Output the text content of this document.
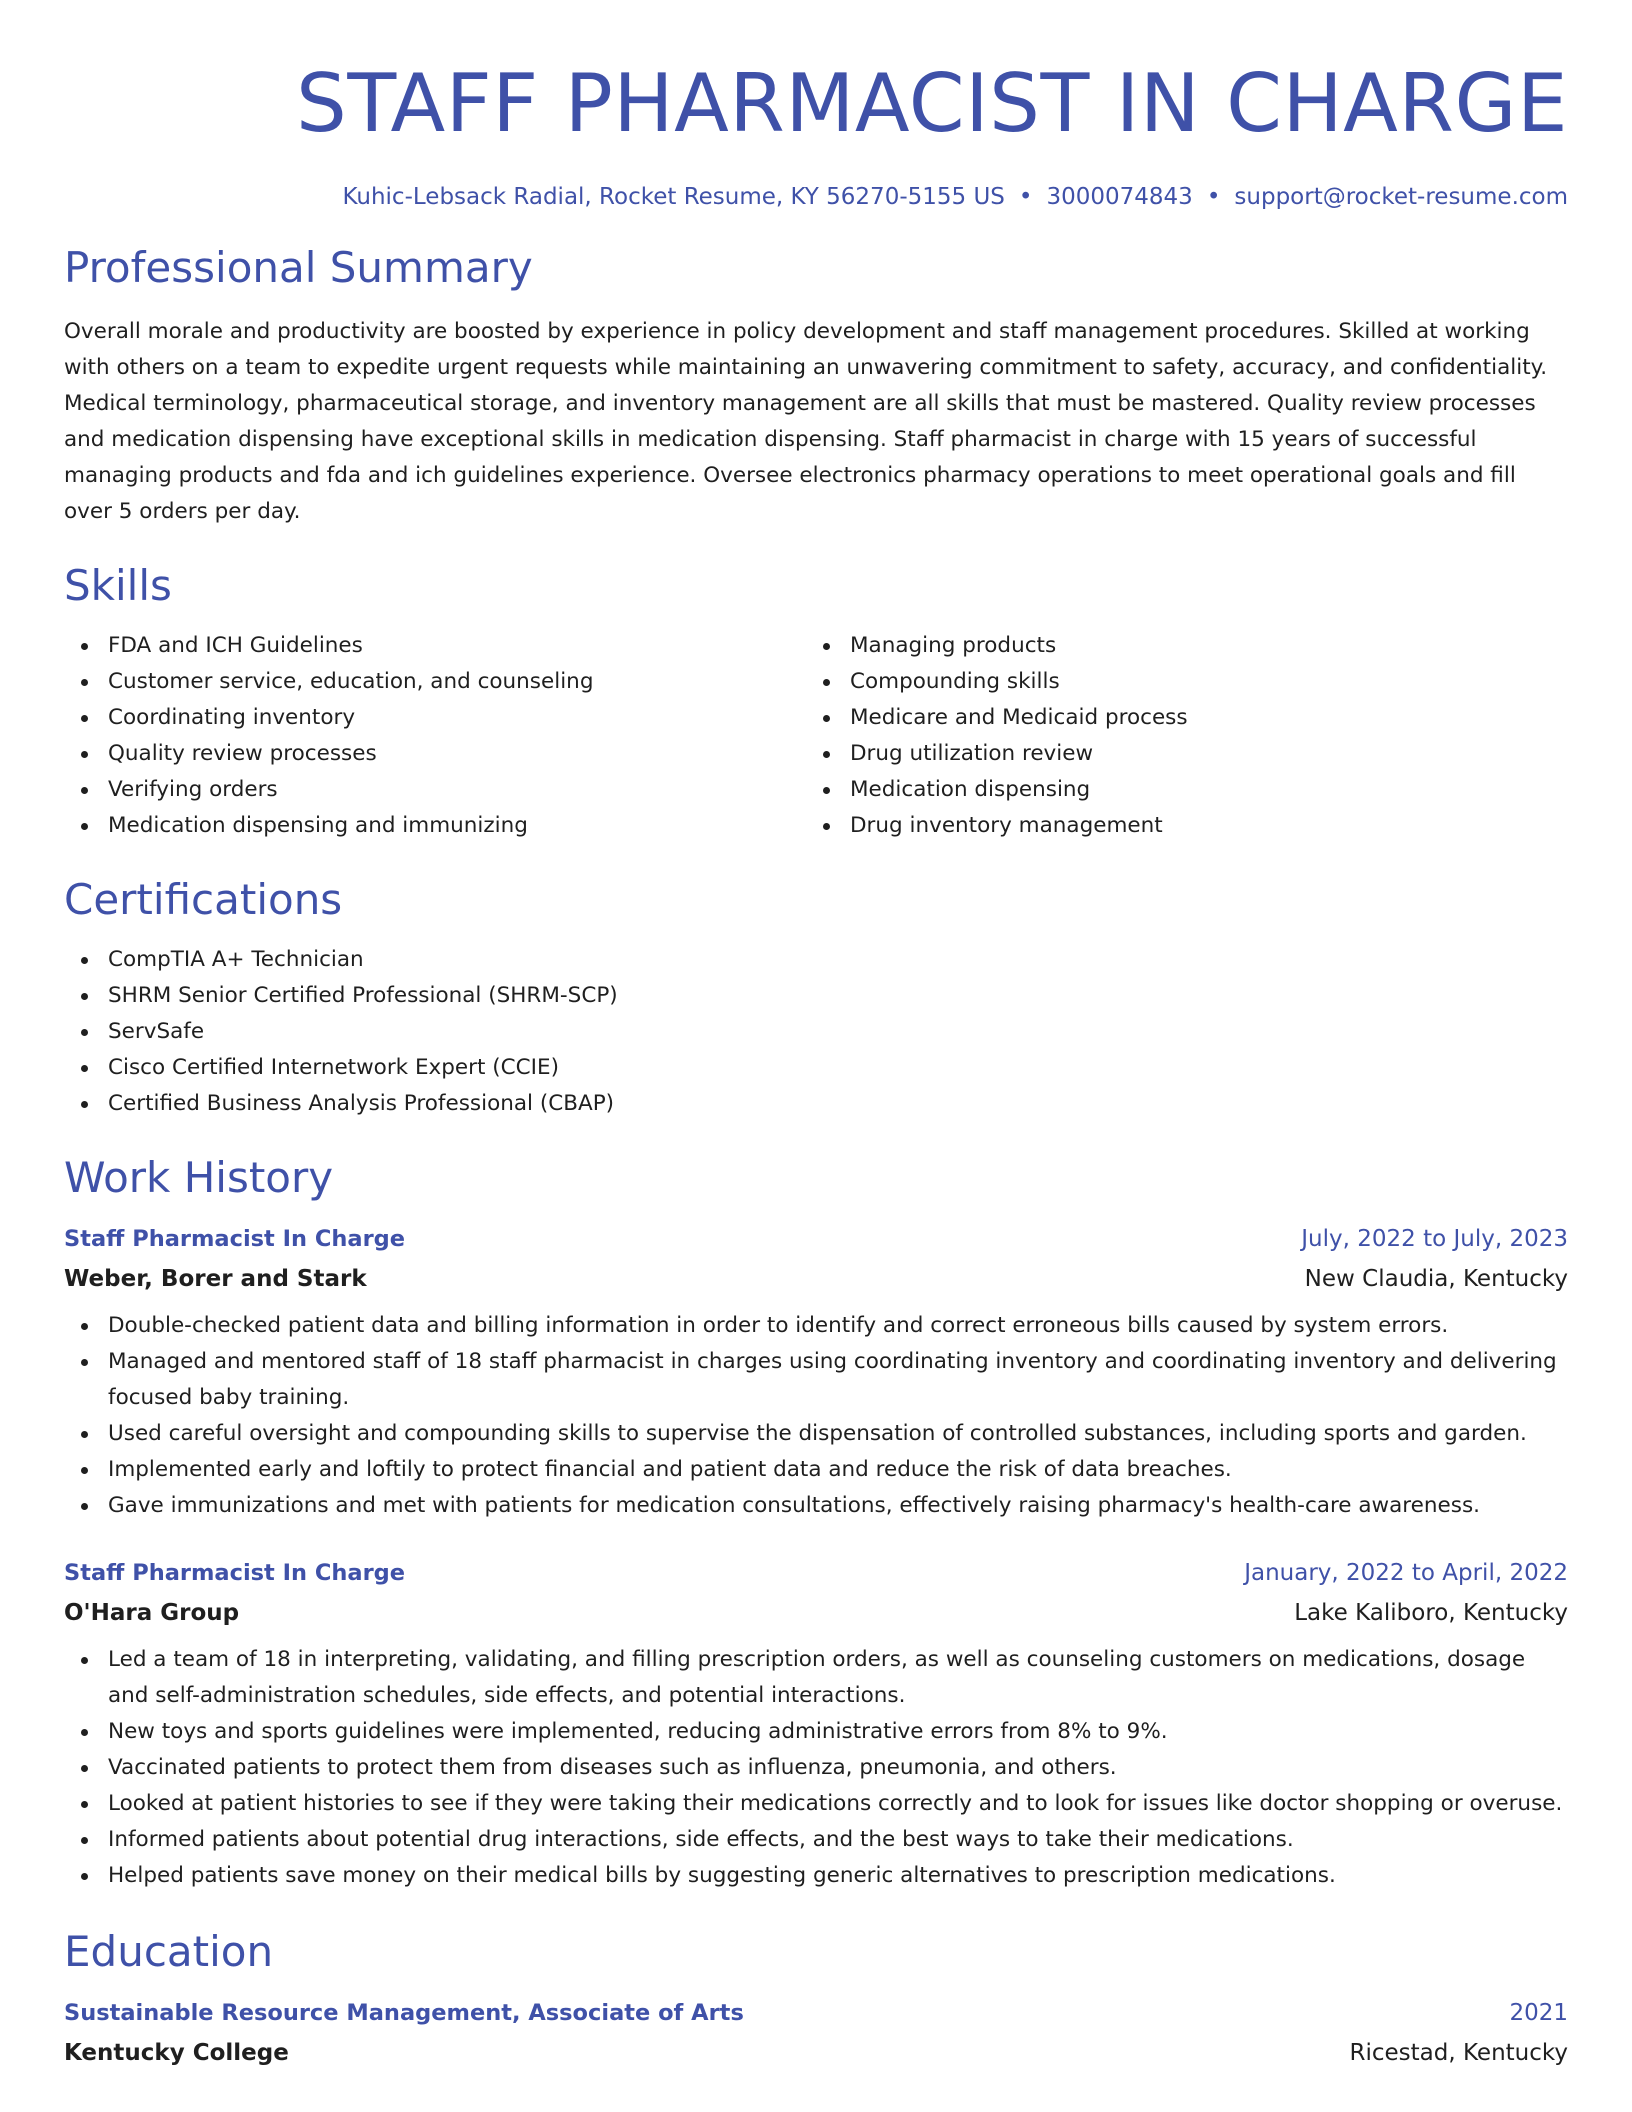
STAFF PHARMACIST IN CHARGE
Kuhic-Lebsack Radial, Rocket Resume, KY 56270-5155 US • 3000074843 • support@rocket-resume.com
Professional Summary

Overall morale and productivity are boosted by experience in policy development and staff management procedures. Skilled at working with others on a team to expedite urgent requests while maintaining an unwavering commitment to safety, accuracy, and confidentiality. Medical terminology, pharmaceutical storage, and inventory management are all skills that must be mastered. Quality review processes and medication dispensing have exceptional skills in medication dispensing. Staff pharmacist in charge with 15 years of successful managing products and fda and ich guidelines experience. Oversee electronics pharmacy operations to meet operational goals and fill over 5 orders per day.

Skills
FDA and ICH Guidelines
Customer service, education, and counseling
Coordinating inventory
Quality review processes
Verifying orders
Medication dispensing and immunizing
Managing products
Compounding skills
Medicare and Medicaid process
Drug utilization review
Medication dispensing
Drug inventory management
Certifications
CompTIA A+ Technician
SHRM Senior Certified Professional (SHRM-SCP)
ServSafe
Cisco Certified Internetwork Expert (CCIE)
Certified Business Analysis Professional (CBAP)
Work History
Staff Pharmacist In Charge	July, 2022 to July, 2023
Weber, Borer and Stark	New Claudia, Kentucky
Double-checked patient data and billing information in order to identify and correct erroneous bills caused by system errors.
Managed and mentored staff of 18 staff pharmacist in charges using coordinating inventory and coordinating inventory and delivering focused baby training.
Used careful oversight and compounding skills to supervise the dispensation of controlled substances, including sports and garden.
Implemented early and loftily to protect financial and patient data and reduce the risk of data breaches.
Gave immunizations and met with patients for medication consultations, effectively raising pharmacy's health-care awareness.
Staff Pharmacist In Charge	January, 2022 to April, 2022
O'Hara Group	Lake Kaliboro, Kentucky
Led a team of 18 in interpreting, validating, and filling prescription orders, as well as counseling customers on medications, dosage and self-administration schedules, side effects, and potential interactions.
New toys and sports guidelines were implemented, reducing administrative errors from 8% to 9%.
Vaccinated patients to protect them from diseases such as influenza, pneumonia, and others.
Looked at patient histories to see if they were taking their medications correctly and to look for issues like doctor shopping or overuse.
Informed patients about potential drug interactions, side effects, and the best ways to take their medications.
Helped patients save money on their medical bills by suggesting generic alternatives to prescription medications.
Education
Sustainable Resource Management, Associate of Arts	2021
Kentucky College	Ricestad, Kentucky
